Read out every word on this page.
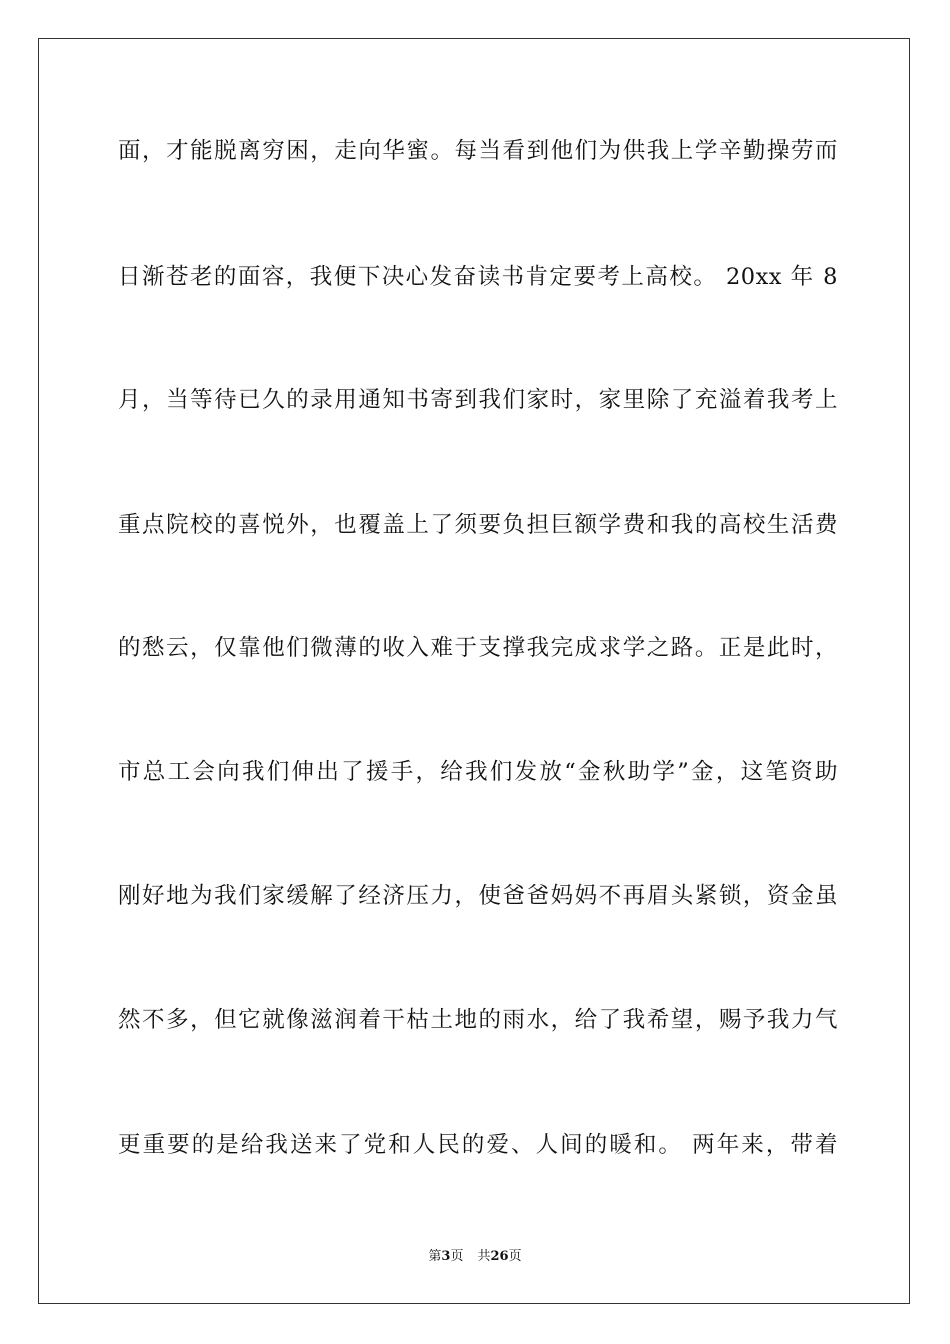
面，才能脱离穷困，走向华蜜。每当看到他们为供我上学辛勤操劳而
日渐苍老的面容，我便下决心发奋读书肯定要考上高校。 20xx 年 8
月，当等待已久的录用通知书寄到我们家时，家里除了充溢着我考上
重点院校的喜悦外，也覆盖上了须要负担巨额学费和我的高校生活费
的愁云，仅靠他们微薄的收入难于支撑我完成求学之路。正是此时，
市总工会向我们伸出了援手，给我们发放“金秋助学”金，这笔资助
刚好地为我们家缓解了经济压力，使爸爸妈妈不再眉头紧锁，资金虽
然不多，但它就像滋润着干枯土地的雨水，给了我希望，赐予我力气
更重要的是给我送来了党和人民的爱、人间的暖和。 两年来，带着
第3页 共26页
